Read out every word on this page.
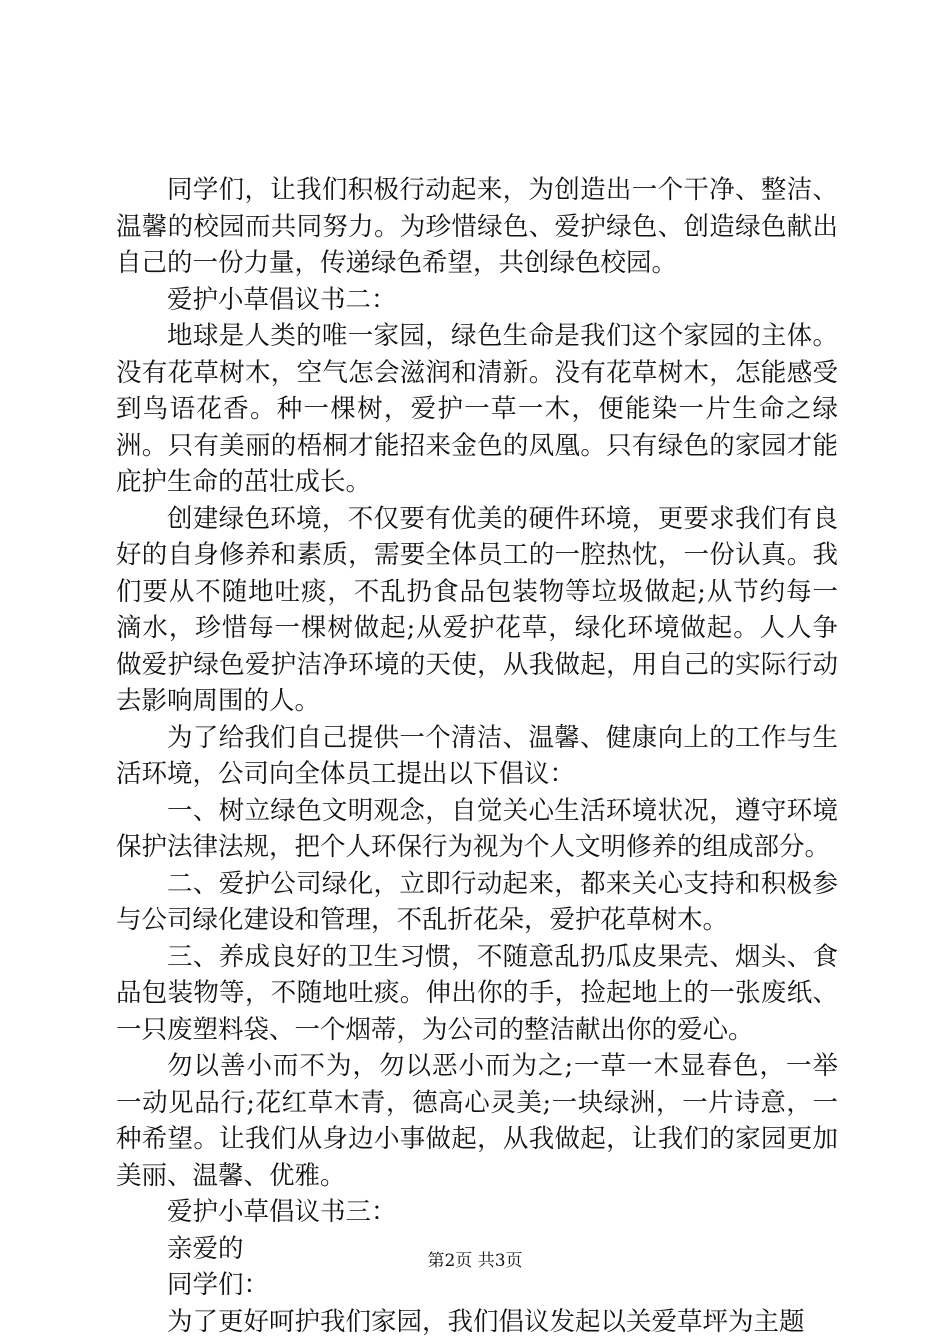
同学们，让我们积极行动起来，为创造出一个干净、整洁、温馨的校园而共同努力。为珍惜绿色、爱护绿色、创造绿色献出自己的一份力量，传递绿色希望，共创绿色校园。

爱护小草倡议书二：

地球是人类的唯一家园，绿色生命是我们这个家园的主体。没有花草树木，空气怎会滋润和清新。没有花草树木，怎能感受到鸟语花香。种一棵树，爱护一草一木，便能染一片生命之绿洲。只有美丽的梧桐才能招来金色的凤凰。只有绿色的家园才能庇护生命的茁壮成长。

创建绿色环境，不仅要有优美的硬件环境，更要求我们有良好的自身修养和素质，需要全体员工的一腔热忱，一份认真。我们要从不随地吐痰，不乱扔食品包装物等垃圾做起;从节约每一滴水，珍惜每一棵树做起;从爱护花草，绿化环境做起。人人争做爱护绿色爱护洁净环境的天使，从我做起，用自己的实际行动去影响周围的人。

为了给我们自己提供一个清洁、温馨、健康向上的工作与生活环境，公司向全体员工提出以下倡议：

一、树立绿色文明观念，自觉关心生活环境状况，遵守环境保护法律法规，把个人环保行为视为个人文明修养的组成部分。

二、爱护公司绿化，立即行动起来，都来关心支持和积极参与公司绿化建设和管理，不乱折花朵，爱护花草树木。

三、养成良好的卫生习惯，不随意乱扔瓜皮果壳、烟头、食品包装物等，不随地吐痰。伸出你的手，捡起地上的一张废纸、一只废塑料袋、一个烟蒂，为公司的整洁献出你的爱心。

勿以善小而不为，勿以恶小而为之;一草一木显春色，一举一动见品行;花红草木青，德高心灵美;一块绿洲，一片诗意，一种希望。让我们从身边小事做起，从我做起，让我们的家园更加美丽、温馨、优雅。

爱护小草倡议书三：

亲爱的

同学们：

为了更好呵护我们家园，我们倡议发起以关爱草坪为主题

第2页 共3页
